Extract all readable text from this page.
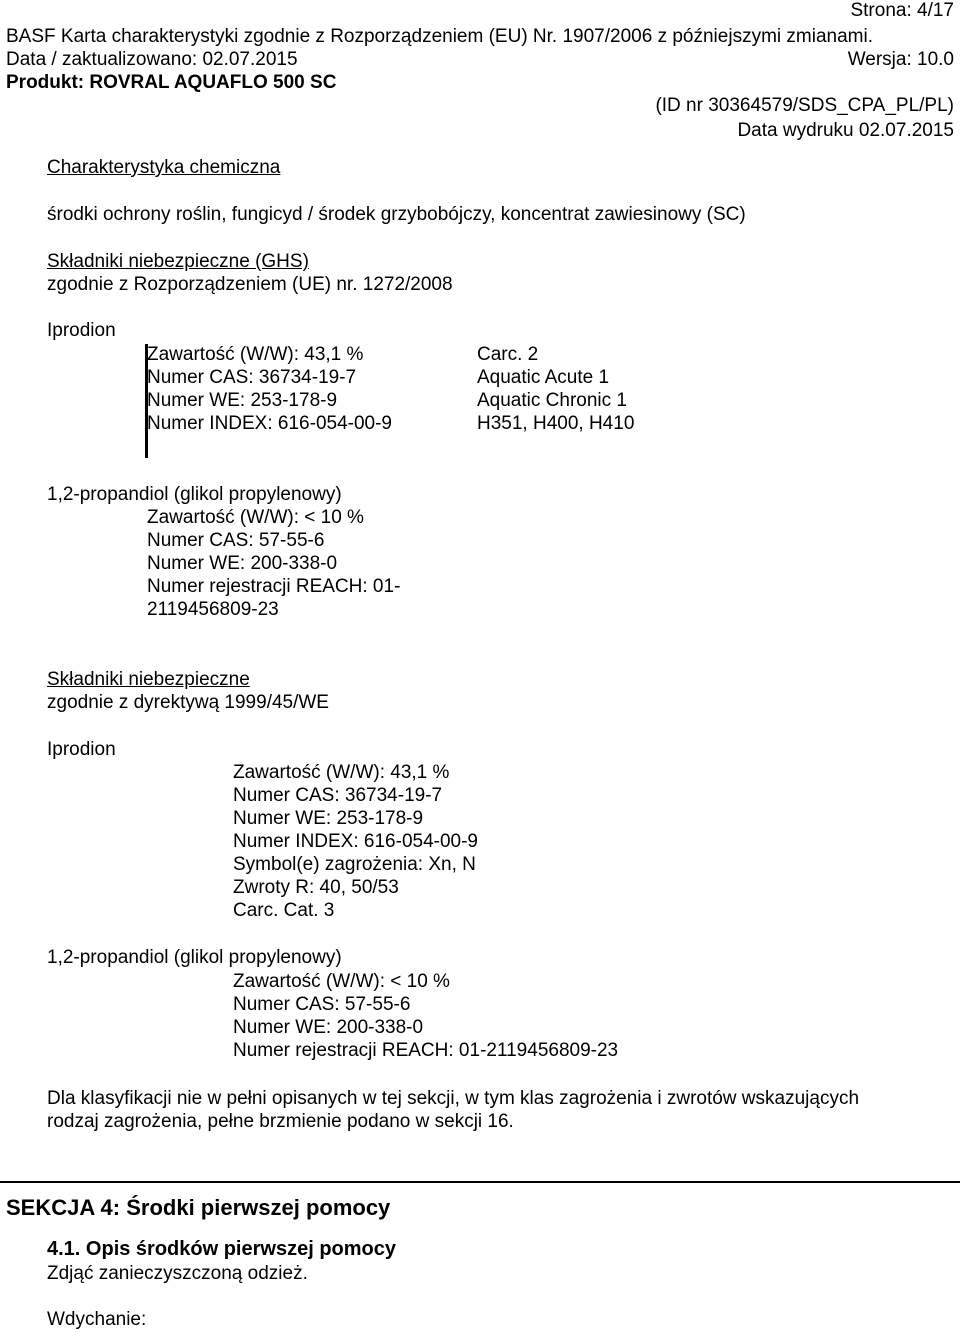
Strona: 4/17
BASF Karta charakterystyki zgodnie z Rozporządzeniem (EU) Nr. 1907/2006 z późniejszymi zmianami.
Data / zaktualizowano: 02.07.2015	Wersja: 10.0
Produkt: ROVRAL AQUAFLO 500 SC
(ID nr 30364579/SDS_CPA_PL/PL)
Data wydruku 02.07.2015
Charakterystyka chemiczna
środki ochrony roślin, fungicyd / środek grzybobójczy, koncentrat zawiesinowy (SC)
Składniki niebezpieczne (GHS)
zgodnie z Rozporządzeniem (UE) nr. 1272/2008
Iprodion
Zawartość (W/W): 43,1 %
Numer CAS: 36734-19-7
Numer WE: 253-178-9
Numer INDEX: 616-054-00-9
Carc. 2
Aquatic Acute 1
Aquatic Chronic 1
H351, H400, H410
1,2-propandiol (glikol propylenowy)
Zawartość (W/W): < 10 %
Numer CAS: 57-55-6
Numer WE: 200-338-0
Numer rejestracji REACH: 01-
2119456809-23
Składniki niebezpieczne
zgodnie z dyrektywą 1999/45/WE
Iprodion
Zawartość (W/W): 43,1 %
Numer CAS: 36734-19-7
Numer WE: 253-178-9
Numer INDEX: 616-054-00-9
Symbol(e) zagrożenia: Xn, N
Zwroty R: 40, 50/53
Carc. Cat. 3
1,2-propandiol (glikol propylenowy)
Zawartość (W/W): < 10 %
Numer CAS: 57-55-6
Numer WE: 200-338-0
Numer rejestracji REACH: 01-2119456809-23
Dla klasyfikacji nie w pełni opisanych w tej sekcji, w tym klas zagrożenia i zwrotów wskazujących
rodzaj zagrożenia, pełne brzmienie podano w sekcji 16.
SEKCJA 4: Środki pierwszej pomocy
4.1. Opis środków pierwszej pomocy
Zdjąć zanieczyszczoną odzież.
Wdychanie:
